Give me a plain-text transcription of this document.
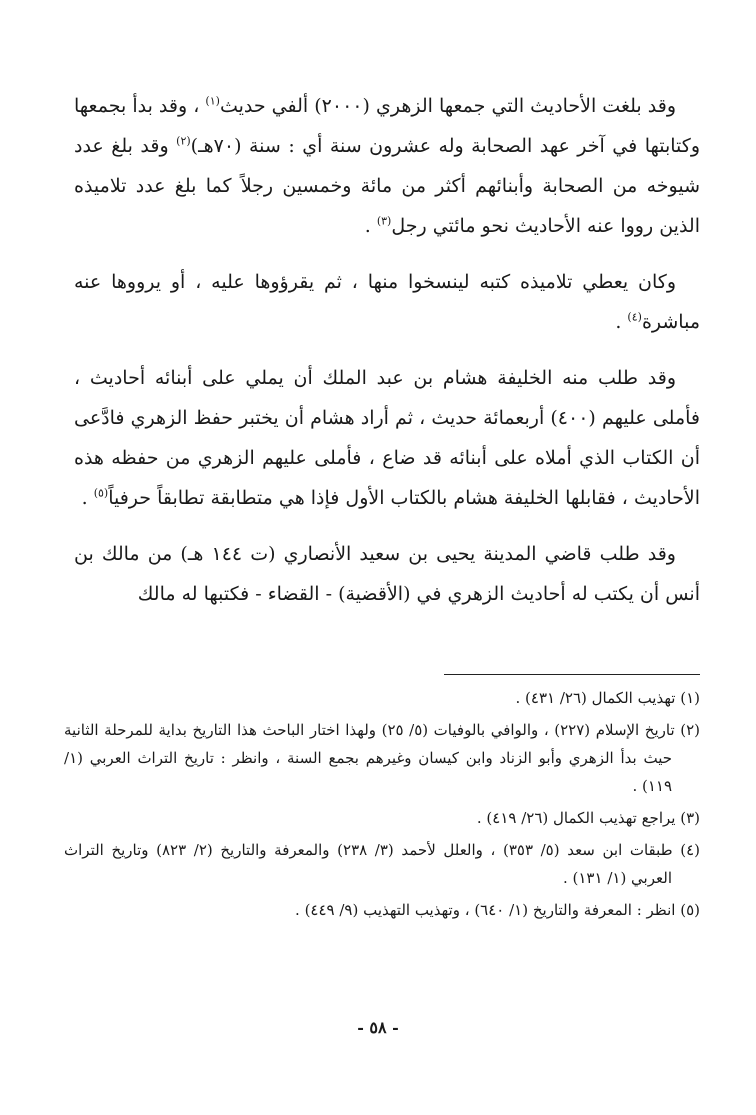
وقد بلغت الأحاديث التي جمعها الزهري (٢٠٠٠) ألفي حديث$^{(١)}$ ، وقد بدأ بجمعها وكتابتها في آخر عهد الصحابة وله عشرون سنة أي : سنة (٧٠هـ)$^{(٢)}$ وقد بلغ عدد شيوخه من الصحابة وأبنائهم أكثر من مائة وخمسين رجلاً كما بلغ عدد تلاميذه الذين رووا عنه الأحاديث نحو مائتي رجل$^{(٣)}$ .

وكان يعطي تلاميذه كتبه لينسخوا منها ، ثم يقرؤوها عليه ، أو يرووها عنه مباشرة$^{(٤)}$ .

وقد طلب منه الخليفة هشام بن عبد الملك أن يملي على أبنائه أحاديث ، فأملى عليهم (٤٠٠) أربعمائة حديث ، ثم أراد هشام أن يختبر حفظ الزهري فادَّعى أن الكتاب الذي أملاه على أبنائه قد ضاع ، فأملى عليهم الزهري من حفظه هذه الأحاديث ، فقابلها الخليفة هشام بالكتاب الأول فإذا هي متطابقة تطابقاً حرفياً$^{(٥)}$ .

وقد طلب قاضي المدينة يحيى بن سعيد الأنصاري (ت ١٤٤ هـ) من مالك بن أنس أن يكتب له أحاديث الزهري في (الأقضية) - القضاء - فكتبها له مالك

(١) تهذيب الكمال (٢٦/ ٤٣١) .

(٢) تاريخ الإسلام (٢٢٧) ، والوافي بالوفيات (٥/ ٢٥) ولهذا اختار الباحث هذا التاريخ بداية للمرحلة الثانية حيث بدأ الزهري وأبو الزناد وابن كيسان وغيرهم بجمع السنة ، وانظر : تاريخ التراث العربي (١/ ١١٩) .

(٣) يراجع تهذيب الكمال (٢٦/ ٤١٩) .

(٤) طبقات ابن سعد (٥/ ٣٥٣) ، والعلل لأحمد (٣/ ٢٣٨) والمعرفة والتاريخ (٢/ ٨٢٣) وتاريخ التراث العربي (١/ ١٣١) .

(٥) انظر : المعرفة والتاريخ (١/ ٦٤٠) ، وتهذيب التهذيب (٩/ ٤٤٩) .

- ٥٨ -
